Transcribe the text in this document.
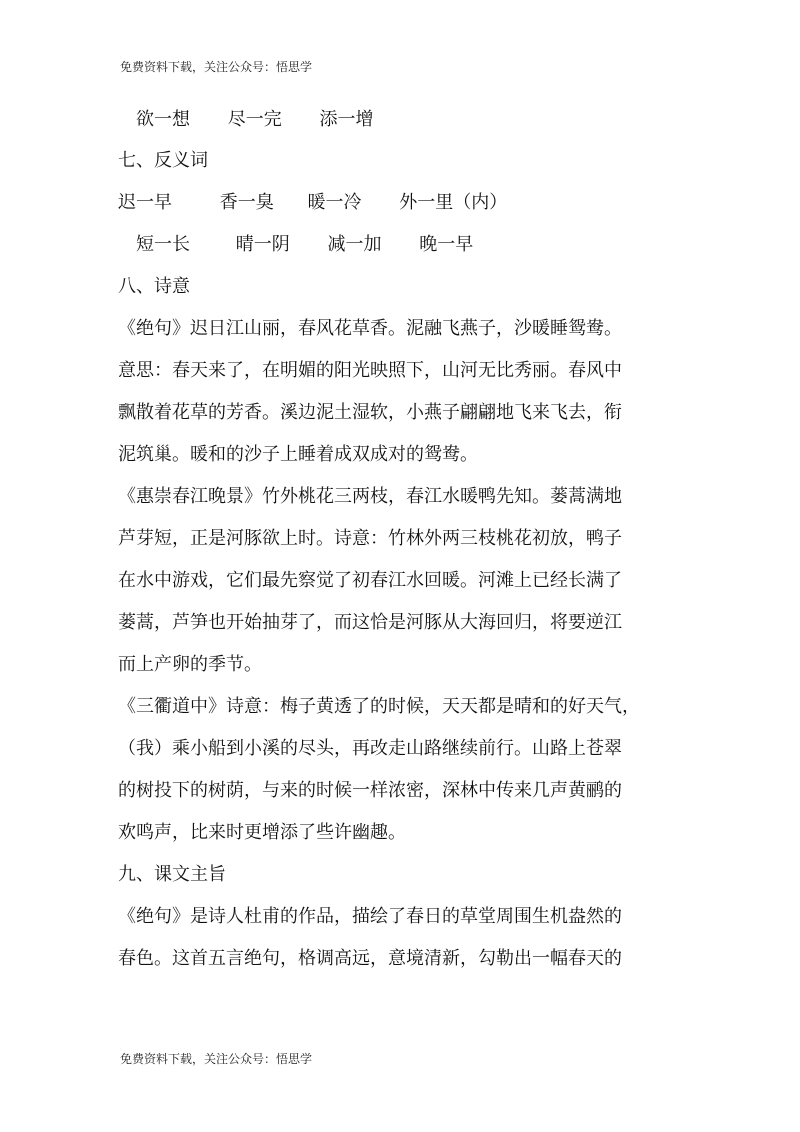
免费资料下载，关注公众号：悟思学
欲一想 尽一完 添一增
七、反义词
迟一早	香一臭 暖一冷 外一里（内）
短一长	晴一阴 减一加 晚一早
八、诗意
《绝句》迟日江山丽，春风花草香。泥融飞燕子，沙暖睡鸳鸯。
意思：春天来了，在明媚的阳光映照下，山河无比秀丽。春风中
飘散着花草的芳香。溪边泥土湿软，小燕子翩翩地飞来飞去，衔
泥筑巢。暖和的沙子上睡着成双成对的鸳鸯。
《惠崇春江晚景》竹外桃花三两枝，春江水暖鸭先知。蒌蒿满地
芦芽短，正是河豚欲上时。诗意：竹林外两三枝桃花初放，鸭子
在水中游戏，它们最先察觉了初春江水回暖。河滩上已经长满了
蒌蒿，芦笋也开始抽芽了，而这恰是河豚从大海回归，将要逆江
而上产卵的季节。
《三衢道中》诗意：梅子黄透了的时候，天天都是晴和的好天气，
（我）乘小船到小溪的尽头，再改走山路继续前行。山路上苍翠
的树投下的树荫，与来的时候一样浓密，深林中传来几声黄鹂的
欢鸣声，比来时更增添了些许幽趣。
九、课文主旨
《绝句》是诗人杜甫的作品，描绘了春日的草堂周围生机盎然的
春色。这首五言绝句，格调高远，意境清新，勾勒出一幅春天的
免费资料下载，关注公众号：悟思学
